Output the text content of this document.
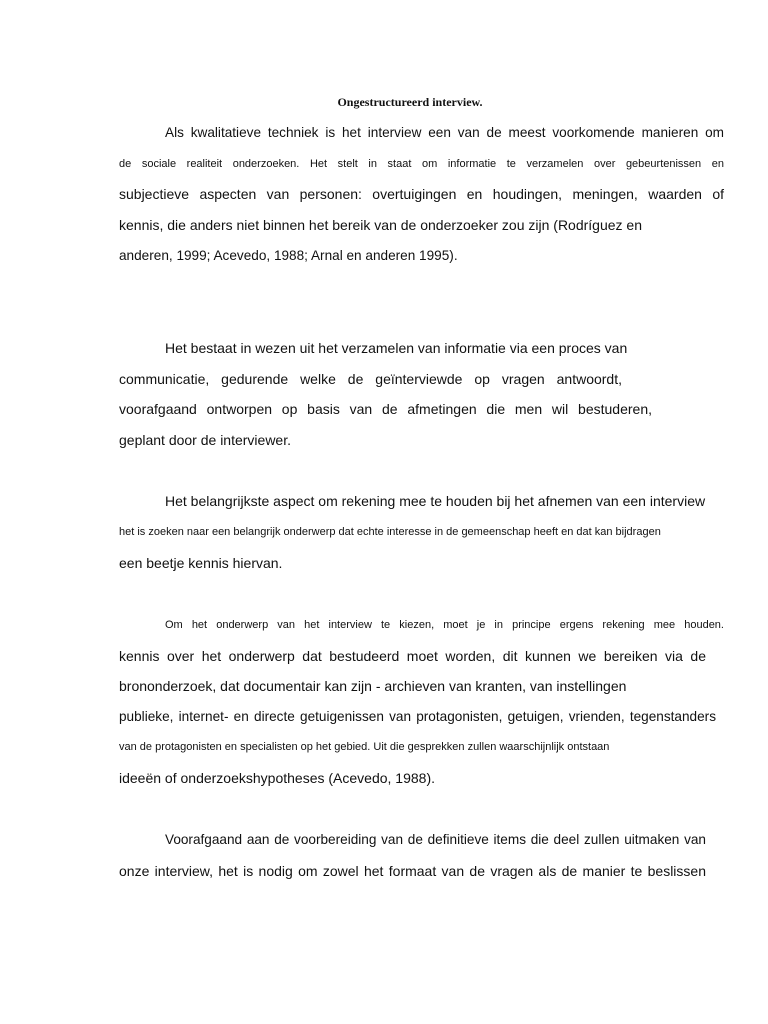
Ongestructureerd interview.
Als kwalitatieve techniek is het interview een van de meest voorkomende manieren om
de sociale realiteit onderzoeken. Het stelt in staat om informatie te verzamelen over gebeurtenissen en
subjectieve aspecten van personen: overtuigingen en houdingen, meningen, waarden of
kennis, die anders niet binnen het bereik van de onderzoeker zou zijn (Rodríguez en
anderen, 1999; Acevedo, 1988; Arnal en anderen 1995).
Het bestaat in wezen uit het verzamelen van informatie via een proces van
communicatie, gedurende welke de geïnterviewde op vragen antwoordt,
voorafgaand ontworpen op basis van de afmetingen die men wil bestuderen,
geplant door de interviewer.
Het belangrijkste aspect om rekening mee te houden bij het afnemen van een interview
het is zoeken naar een belangrijk onderwerp dat echte interesse in de gemeenschap heeft en dat kan bijdragen
een beetje kennis hiervan.
Om het onderwerp van het interview te kiezen, moet je in principe ergens rekening mee houden.
kennis over het onderwerp dat bestudeerd moet worden, dit kunnen we bereiken via de
brononderzoek, dat documentair kan zijn - archieven van kranten, van instellingen
publieke, internet- en directe getuigenissen van protagonisten, getuigen, vrienden, tegenstanders
van de protagonisten en specialisten op het gebied. Uit die gesprekken zullen waarschijnlijk ontstaan
ideeën of onderzoekshypotheses (Acevedo, 1988).
Voorafgaand aan de voorbereiding van de definitieve items die deel zullen uitmaken van
onze interview, het is nodig om zowel het formaat van de vragen als de manier te beslissen
